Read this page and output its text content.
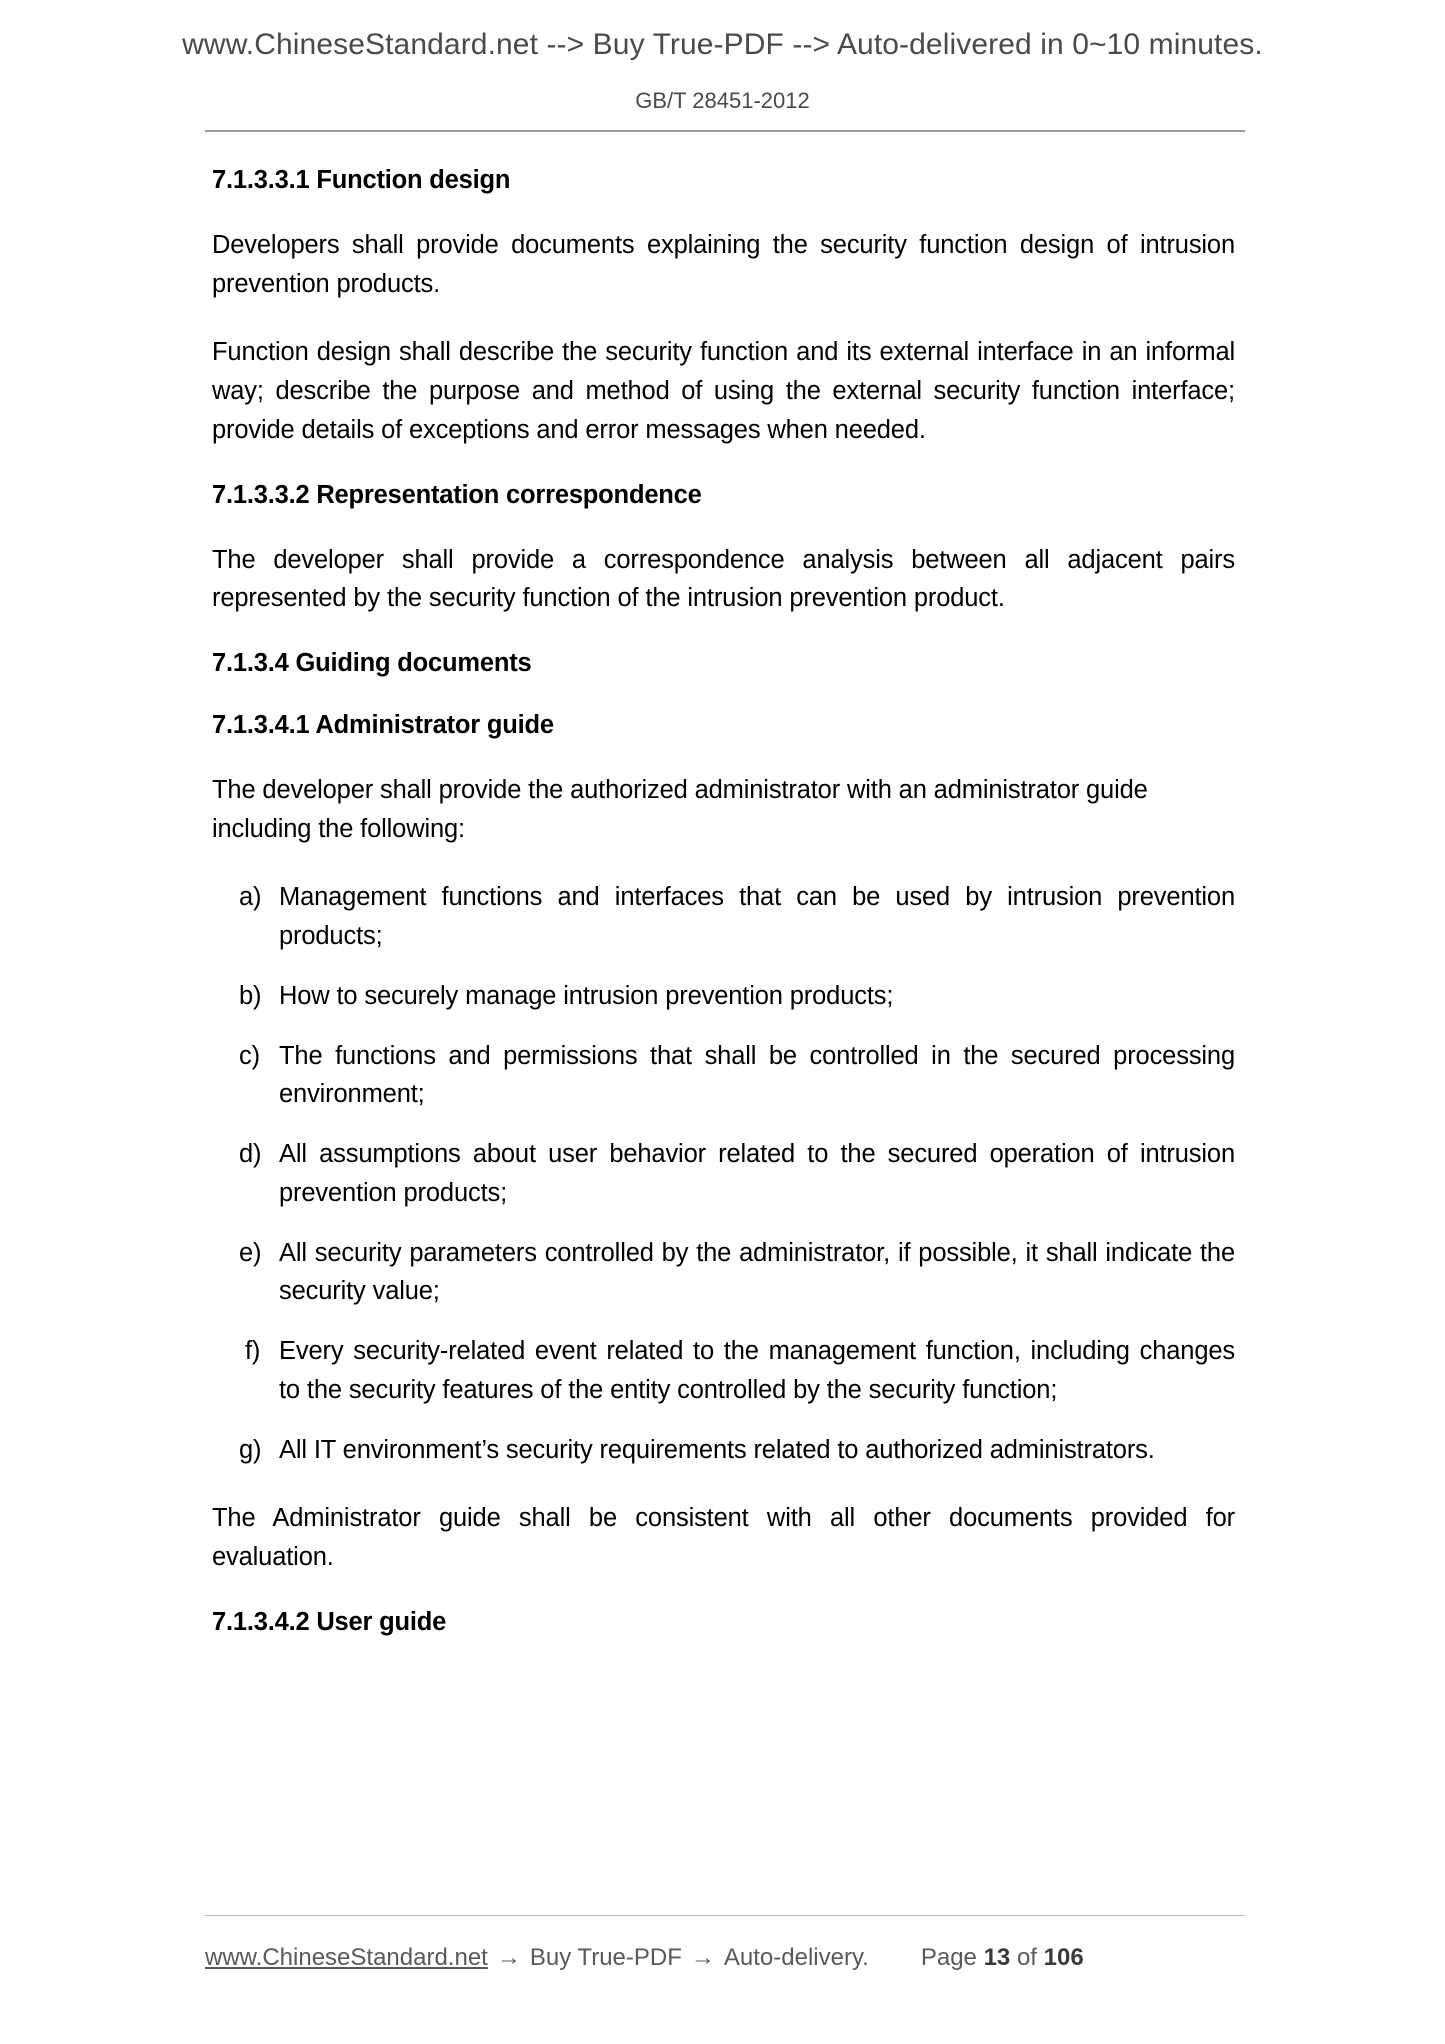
www.ChineseStandard.net --> Buy True-PDF --> Auto-delivered in 0~10 minutes.
GB/T 28451-2012
7.1.3.3.1 Function design

Developers shall provide documents explaining the security function design of intrusion prevention products.

Function design shall describe the security function and its external interface in an informal way; describe the purpose and method of using the external security function interface; provide details of exceptions and error messages when needed.

7.1.3.3.2 Representation correspondence

The developer shall provide a correspondence analysis between all adjacent pairs represented by the security function of the intrusion prevention product.

7.1.3.4 Guiding documents
7.1.3.4.1 Administrator guide

The developer shall provide the authorized administrator with an administrator guide including the following:

a) Management functions and interfaces that can be used by intrusion prevention products;
b) How to securely manage intrusion prevention products;
c) The functions and permissions that shall be controlled in the secured processing environment;
d) All assumptions about user behavior related to the secured operation of intrusion prevention products;
e) All security parameters controlled by the administrator, if possible, it shall indicate the security value;
f) Every security-related event related to the management function, including changes to the security features of the entity controlled by the security function;
g) All IT environment’s security requirements related to authorized administrators.

The Administrator guide shall be consistent with all other documents provided for evaluation.

7.1.3.4.2 User guide
www.ChineseStandard.net → Buy True-PDF → Auto-delivery. Page 13 of 106
